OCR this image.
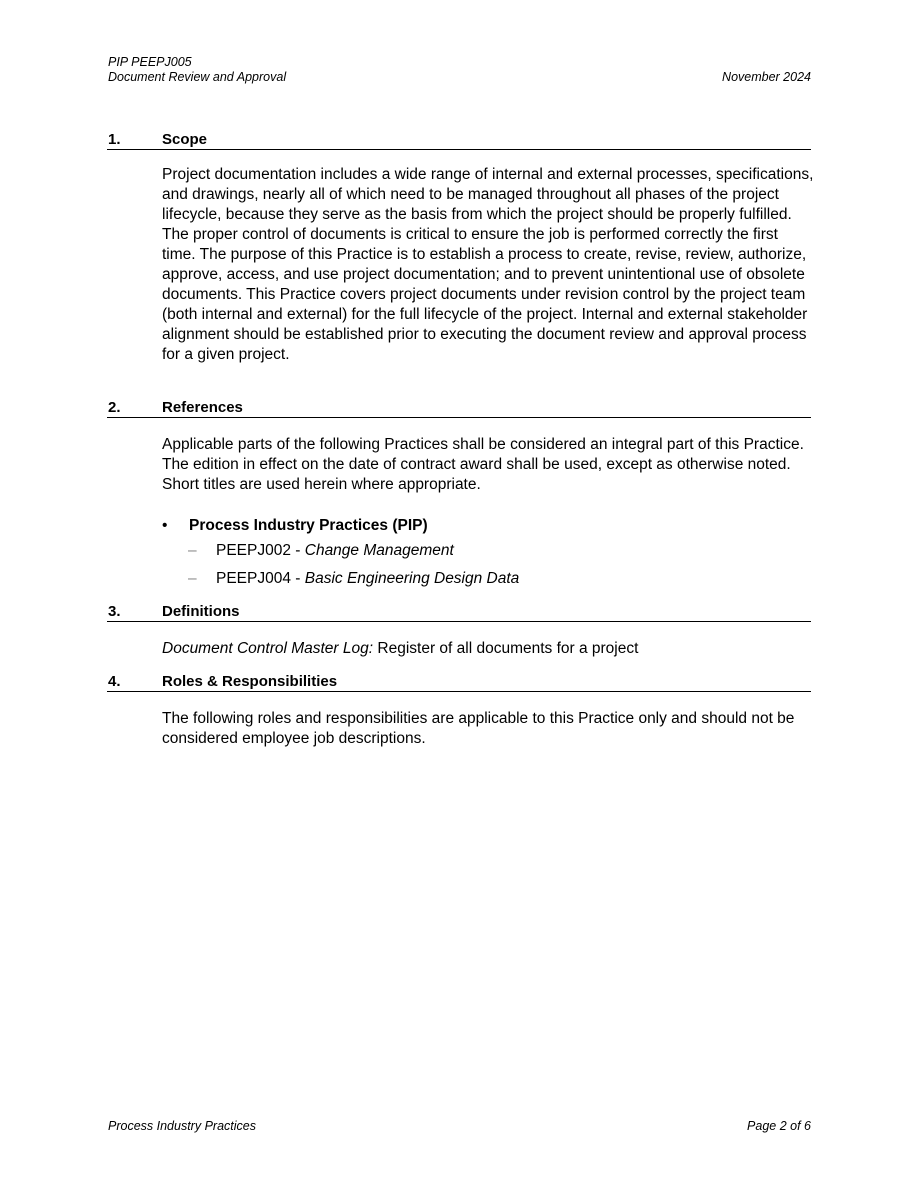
PIP PEEPJ005
Document Review and Approval	November 2024
1.	Scope
Project documentation includes a wide range of internal and external processes, specifications, and drawings, nearly all of which need to be managed throughout all phases of the project lifecycle, because they serve as the basis from which the project should be properly fulfilled. The proper control of documents is critical to ensure the job is performed correctly the first time. The purpose of this Practice is to establish a process to create, revise, review, authorize, approve, access, and use project documentation; and to prevent unintentional use of obsolete documents. This Practice covers project documents under revision control by the project team (both internal and external) for the full lifecycle of the project. Internal and external stakeholder alignment should be established prior to executing the document review and approval process for a given project.
2.	References
Applicable parts of the following Practices shall be considered an integral part of this Practice. The edition in effect on the date of contract award shall be used, except as otherwise noted. Short titles are used herein where appropriate.
• Process Industry Practices (PIP)
– PEEPJ002 - Change Management
– PEEPJ004 - Basic Engineering Design Data
3.	Definitions
Document Control Master Log: Register of all documents for a project
4.	Roles & Responsibilities
The following roles and responsibilities are applicable to this Practice only and should not be considered employee job descriptions.
Process Industry Practices	Page 2 of 6
